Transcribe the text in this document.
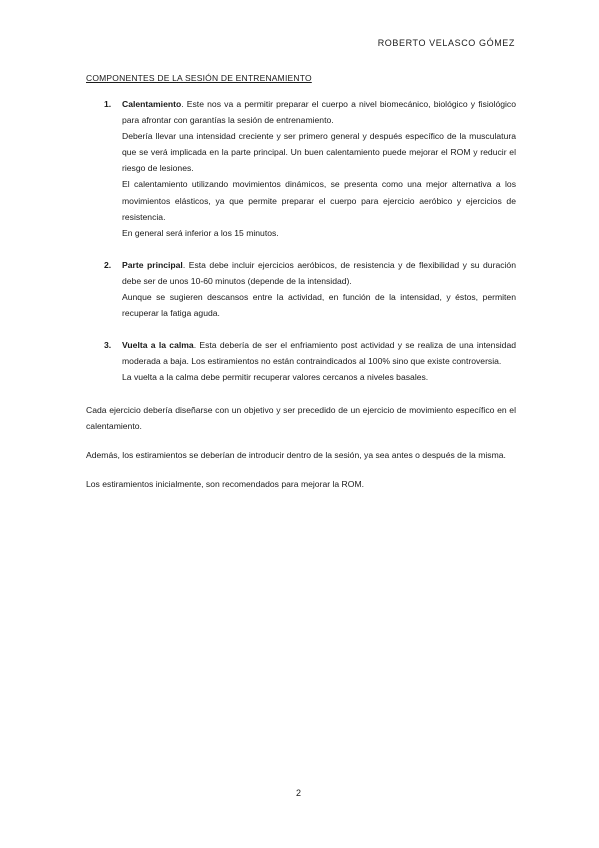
ROBERTO VELASCO GÓMEZ
COMPONENTES DE LA SESIÓN DE ENTRENAMIENTO
1.	Calentamiento. Este nos va a permitir preparar el cuerpo a nivel biomecánico, biológico y fisiológico para afrontar con garantías la sesión de entrenamiento.

Debería llevar una intensidad creciente y ser primero general y después específico de la musculatura que se verá implicada en la parte principal. Un buen calentamiento puede mejorar el ROM y reducir el riesgo de lesiones.

El calentamiento utilizando movimientos dinámicos, se presenta como una mejor alternativa a los movimientos elásticos, ya que permite preparar el cuerpo para ejercicio aeróbico y ejercicios de resistencia.

En general será inferior a los 15 minutos.

2.	Parte principal. Esta debe incluir ejercicios aeróbicos, de resistencia y de flexibilidad y su duración debe ser de unos 10-60 minutos (depende de la intensidad).

Aunque se sugieren descansos entre la actividad, en función de la intensidad, y éstos, permiten recuperar la fatiga aguda.

3.	Vuelta a la calma. Esta debería de ser el enfriamiento post actividad y se realiza de una intensidad moderada a baja. Los estiramientos no están contraindicados al 100% sino que existe controversia.

La vuelta a la calma debe permitir recuperar valores cercanos a niveles basales.

Cada ejercicio debería diseñarse con un objetivo y ser precedido de un ejercicio de movimiento específico en el calentamiento.

Además, los estiramientos se deberían de introducir dentro de la sesión, ya sea antes o después de la misma.

Los estiramientos inicialmente, son recomendados para mejorar la ROM.

2
